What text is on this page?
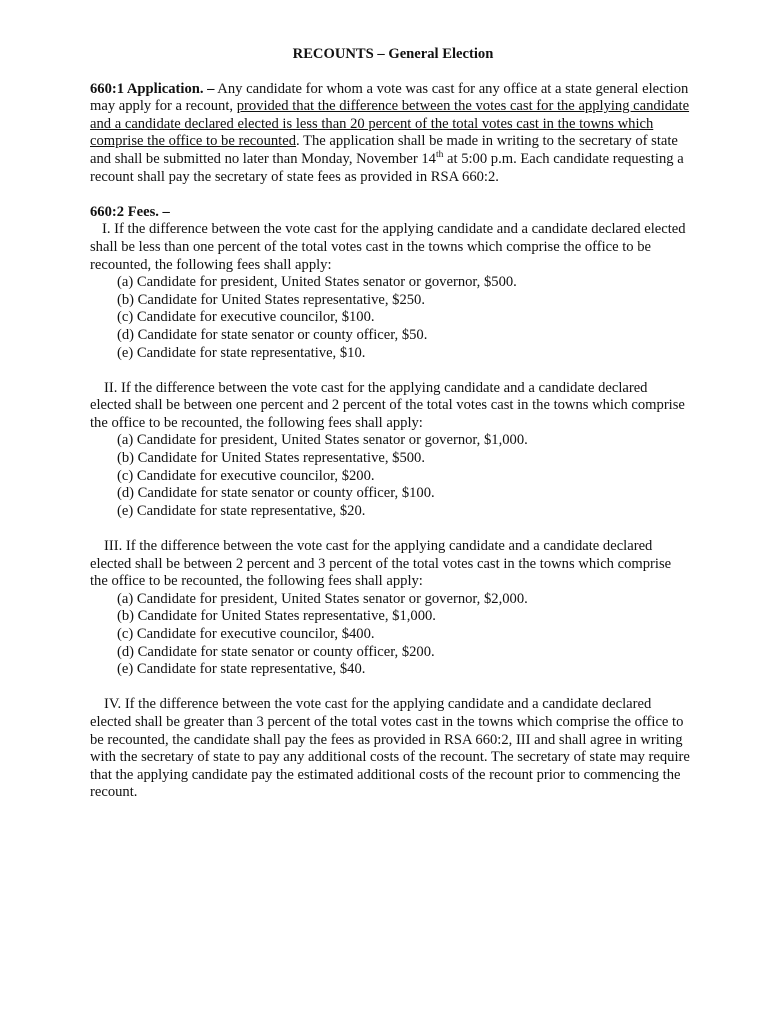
RECOUNTS – General Election

660:1 Application. – Any candidate for whom a vote was cast for any office at a state general election may apply for a recount, provided that the difference between the votes cast for the applying candidate and a candidate declared elected is less than 20 percent of the total votes cast in the towns which comprise the office to be recounted. The application shall be made in writing to the secretary of state and shall be submitted no later than Monday, November 14th at 5:00 p.m. Each candidate requesting a recount shall pay the secretary of state fees as provided in RSA 660:2.

660:2 Fees. –

I. If the difference between the vote cast for the applying candidate and a candidate declared elected shall be less than one percent of the total votes cast in the towns which comprise the office to be recounted, the following fees shall apply:

(a) Candidate for president, United States senator or governor, $500.
(b) Candidate for United States representative, $250.
(c) Candidate for executive councilor, $100.
(d) Candidate for state senator or county officer, $50.
(e) Candidate for state representative, $10.

II. If the difference between the vote cast for the applying candidate and a candidate declared elected shall be between one percent and 2 percent of the total votes cast in the towns which comprise the office to be recounted, the following fees shall apply:

(a) Candidate for president, United States senator or governor, $1,000.
(b) Candidate for United States representative, $500.
(c) Candidate for executive councilor, $200.
(d) Candidate for state senator or county officer, $100.
(e) Candidate for state representative, $20.

III. If the difference between the vote cast for the applying candidate and a candidate declared elected shall be between 2 percent and 3 percent of the total votes cast in the towns which comprise the office to be recounted, the following fees shall apply:

(a) Candidate for president, United States senator or governor, $2,000.
(b) Candidate for United States representative, $1,000.
(c) Candidate for executive councilor, $400.
(d) Candidate for state senator or county officer, $200.
(e) Candidate for state representative, $40.

IV. If the difference between the vote cast for the applying candidate and a candidate declared elected shall be greater than 3 percent of the total votes cast in the towns which comprise the office to be recounted, the candidate shall pay the fees as provided in RSA 660:2, III and shall agree in writing with the secretary of state to pay any additional costs of the recount. The secretary of state may require that the applying candidate pay the estimated additional costs of the recount prior to commencing the recount.
